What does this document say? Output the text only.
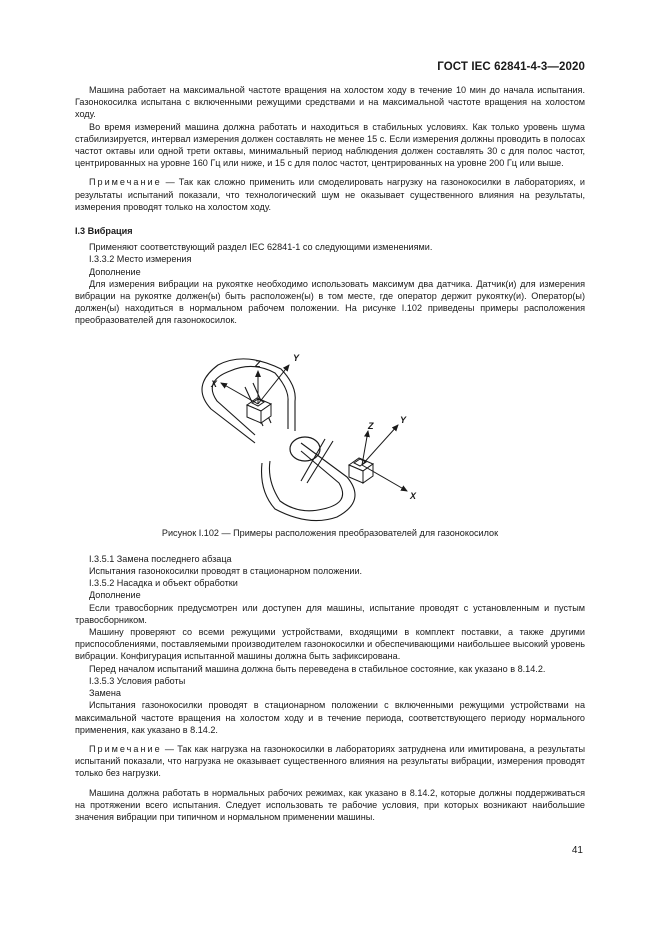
ГОСТ IEC 62841-4-3—2020

Машина работает на максимальной частоте вращения на холостом ходу в течение 10 мин до начала испытания. Газонокосилка испытана с включенными режущими средствами и на максимальной частоте вращения на холостом ходу.

Во время измерений машина должна работать и находиться в стабильных условиях. Как только уровень шума стабилизируется, интервал измерения должен составлять не менее 15 с. Если измерения должны проводить в полосах частот октавы или одной трети октавы, минимальный период наблюдения должен составлять 30 с для полос частот, центрированных на уровне 160 Гц или ниже, и 15 с для полос частот, центрированных на уровне 200 Гц или выше.

Примечание — Так как сложно применить или смоделировать нагрузку на газонокосилки в лабораториях, и результаты испытаний показали, что технологический шум не оказывает существенного влияния на результаты, измерения проводят только на холостом ходу.

I.3 Вибрация

Применяют соответствующий раздел IEC 62841-1 со следующими изменениями.

I.3.3.2 Место измерения

Дополнение

Для измерения вибрации на рукоятке необходимо использовать максимум два датчика. Датчик(и) для измерения вибрации на рукоятке должен(ы) быть расположен(ы) в том месте, где оператор держит рукоятку(и). Оператор(ы) должен(ы) находиться в нормальном рабочем положении. На рисунке I.102 приведены примеры расположения преобразователей для газонокосилок.

Z
Y
X
Z
Y
X

Рисунок I.102 — Примеры расположения преобразователей для газонокосилок

I.3.5.1 Замена последнего абзаца

Испытания газонокосилки проводят в стационарном положении.

I.3.5.2 Насадка и объект обработки

Дополнение

Если травосборник предусмотрен или доступен для машины, испытание проводят с установленным и пустым травосборником.

Машину проверяют со всеми режущими устройствами, входящими в комплект поставки, а также другими приспособлениями, поставляемыми производителем газонокосилки и обеспечивающими наибольшее высокий уровень вибрации. Конфигурация испытанной машины должна быть зафиксирована.

Перед началом испытаний машина должна быть переведена в стабильное состояние, как указано в 8.14.2.

I.3.5.3 Условия работы

Замена

Испытания газонокосилки проводят в стационарном положении с включенными режущими устройствами на максимальной частоте вращения на холостом ходу и в течение периода, соответствующего периоду нормального применения, как указано в 8.14.2.

Примечание — Так как нагрузка на газонокосилки в лабораториях затруднена или имитирована, а результаты испытаний показали, что нагрузка не оказывает существенного влияния на результаты вибрации, измерения проводят только без нагрузки.

Машина должна работать в нормальных рабочих режимах, как указано в 8.14.2, которые должны поддерживаться на протяжении всего испытания. Следует использовать те рабочие условия, при которых возникают наибольшие значения вибрации при типичном и нормальном применении машины.

41
